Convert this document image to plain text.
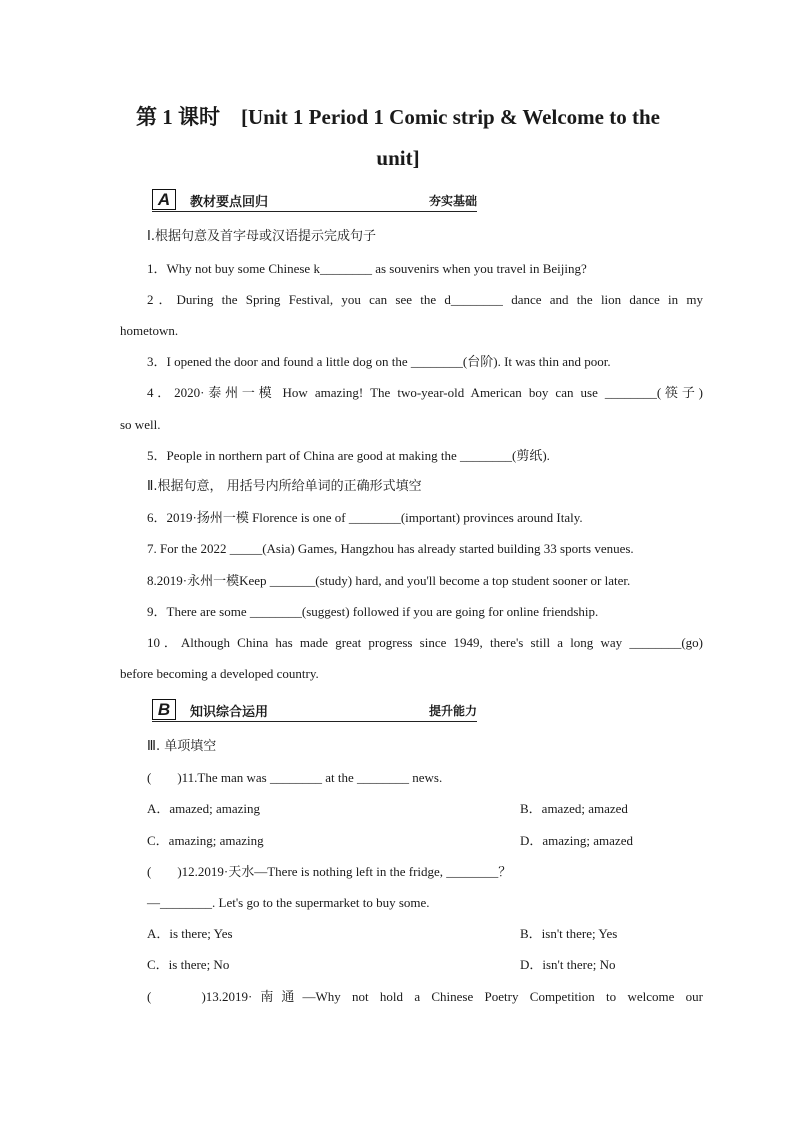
第 1 课时　[Unit 1 Period 1 Comic strip & Welcome to the
unit]
A	教材要点回归	夯实基础
Ⅰ.根据句意及首字母或汉语提示完成句子
1．Why not buy some Chinese k________ as souvenirs when you travel in Beijing?
2．During the Spring Festival, you can see the d________ dance and the lion dance in my
hometown.
3．I opened the door and found a little dog on the ________(台阶). It was thin and poor.
4．2020·泰州一模 How amazing! The two-year-old American boy can use ________(筷子)
so well.
5．People in northern part of China are good at making the ________(剪纸).
Ⅱ.根据句意， 用括号内所给单词的正确形式填空
6．2019·扬州一模 Florence is one of ________(important) provinces around Italy.
7. For the 2022 _____(Asia) Games, Hangzhou has already started building 33 sports venues.
8.2019·永州一模Keep _______(study) hard, and you'll become a top student sooner or later.
9．There are some ________(suggest) followed if you are going for online friendship.
10．Although China has made great progress since 1949, there's still a long way ________(go)
before becoming a developed country.
B	知识综合运用	提升能力
Ⅲ. 单项填空
(　　)11.The man was ________ at the ________ news.
A．amazed; amazing	B．amazed; amazed
C．amazing; amazing	D．amazing; amazed
(　　)12.2019·天水—There is nothing left in the fridge, ________？
—________. Let's go to the supermarket to buy some.
A．is there; Yes	B．isn't there; Yes
C．is there; No	D．isn't there; No
(　　)13.2019·南通—Why not hold a Chinese Poetry Competition to welcome our
